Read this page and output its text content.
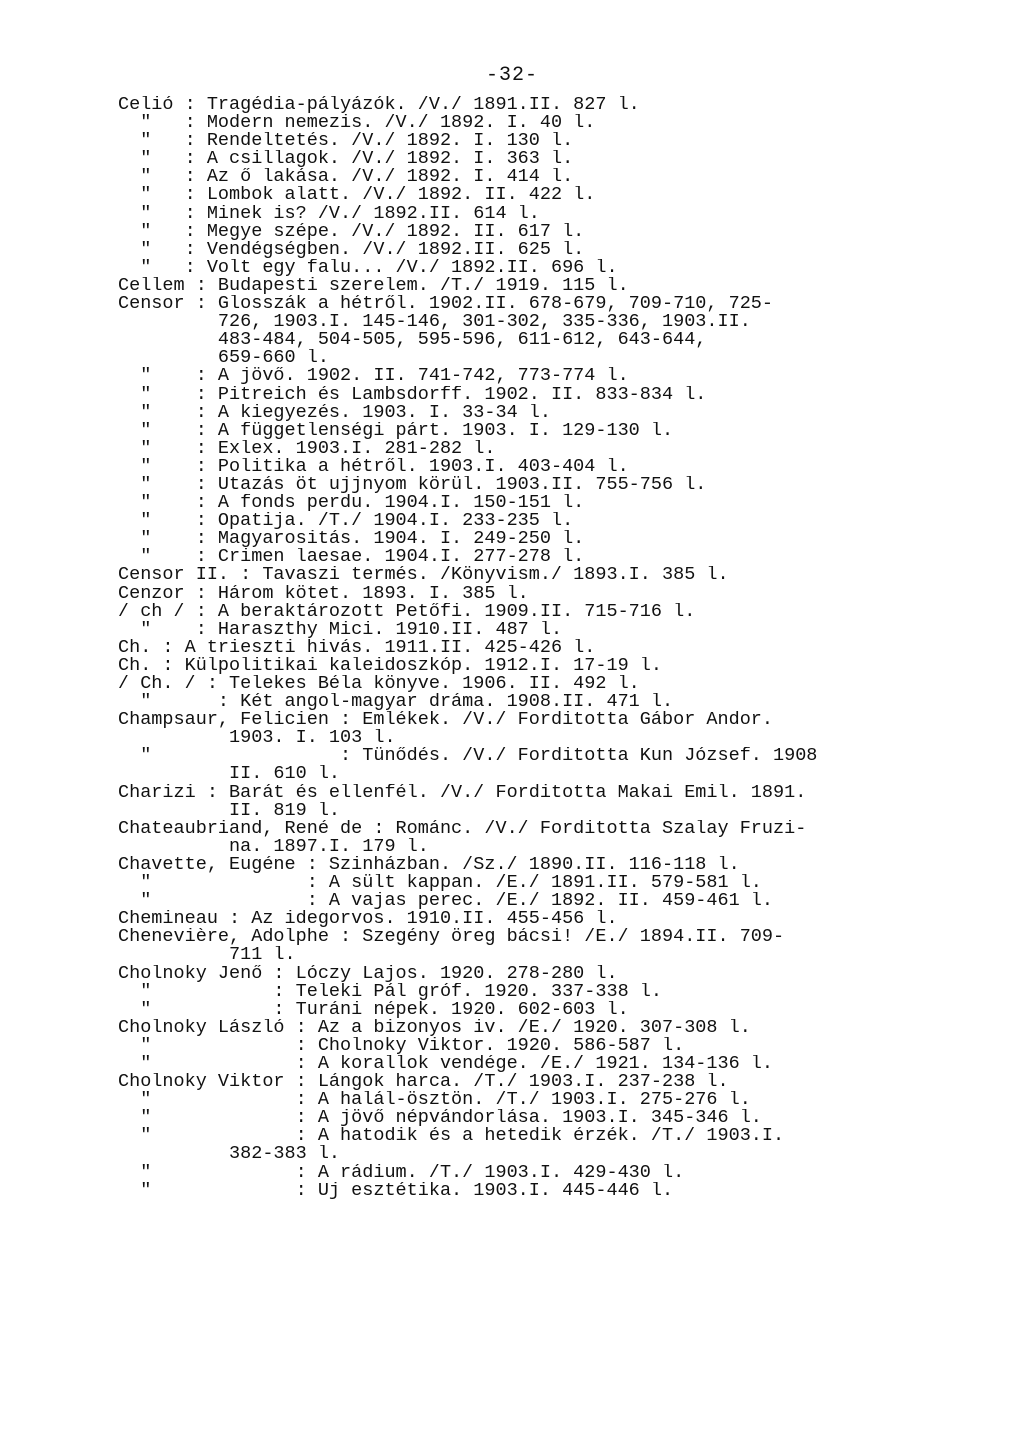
-32-
Celió : Tragédia-pályázók. /V./ 1891.II. 827 l.
"   : Modern nemezis. /V./ 1892. I. 40 l.
"   : Rendeltetés. /V./ 1892. I. 130 l.
"   : A csillagok. /V./ 1892. I. 363 l.
"   : Az ő lakása. /V./ 1892. I. 414 l.
"   : Lombok alatt. /V./ 1892. II. 422 l.
"   : Minek is? /V./ 1892.II. 614 l.
"   : Megye szépe. /V./ 1892. II. 617 l.
"   : Vendégségben. /V./ 1892.II. 625 l.
"   : Volt egy falu... /V./ 1892.II. 696 l.
Cellem : Budapesti szerelem. /T./ 1919. 115 l.
Censor : Glosszák a hétről. 1902.II. 678-679, 709-710, 725-
726, 1903.I. 145-146, 301-302, 335-336, 1903.II.
483-484, 504-505, 595-596, 611-612, 643-644,
659-660 l.
"    : A jövő. 1902. II. 741-742, 773-774 l.
"    : Pitreich és Lambsdorff. 1902. II. 833-834 l.
"    : A kiegyezés. 1903. I. 33-34 l.
"    : A függetlenségi párt. 1903. I. 129-130 l.
"    : Exlex. 1903.I. 281-282 l.
"    : Politika a hétről. 1903.I. 403-404 l.
"    : Utazás öt ujjnyom körül. 1903.II. 755-756 l.
"    : A fonds perdu. 1904.I. 150-151 l.
"    : Opatija. /T./ 1904.I. 233-235 l.
"    : Magyarositás. 1904. I. 249-250 l.
"    : Crimen laesae. 1904.I. 277-278 l.
Censor II. : Tavaszi termés. /Könyvism./ 1893.I. 385 l.
Cenzor : Három kötet. 1893. I. 385 l.
/ ch / : A beraktározott Petőfi. 1909.II. 715-716 l.
"    : Haraszthy Mici. 1910.II. 487 l.
Ch. : A trieszti hivás. 1911.II. 425-426 l.
Ch. : Külpolitikai kaleidoszkóp. 1912.I. 17-19 l.
/ Ch. / : Telekes Béla könyve. 1906. II. 492 l.
"      : Két angol-magyar dráma. 1908.II. 471 l.
Champsaur, Felicien : Emlékek. /V./ Forditotta Gábor Andor.
1903. I. 103 l.
"                 : Tünődés. /V./ Forditotta Kun József. 1908
II. 610 l.
Charizi : Barát és ellenfél. /V./ Forditotta Makai Emil. 1891.
II. 819 l.
Chateaubriand, René de : Románc. /V./ Forditotta Szalay Fruzi-
na. 1897.I. 179 l.
Chavette, Eugéne : Szinházban. /Sz./ 1890.II. 116-118 l.
"              : A sült kappan. /E./ 1891.II. 579-581 l.
"              : A vajas perec. /E./ 1892. II. 459-461 l.
Chemineau : Az idegorvos. 1910.II. 455-456 l.
Chenevière, Adolphe : Szegény öreg bácsi! /E./ 1894.II. 709-
711 l.
Cholnoky Jenő : Lóczy Lajos. 1920. 278-280 l.
"           : Teleki Pál gróf. 1920. 337-338 l.
"           : Turáni népek. 1920. 602-603 l.
Cholnoky László : Az a bizonyos iv. /E./ 1920. 307-308 l.
"             : Cholnoky Viktor. 1920. 586-587 l.
"             : A korallok vendége. /E./ 1921. 134-136 l.
Cholnoky Viktor : Lángok harca. /T./ 1903.I. 237-238 l.
"             : A halál-ösztön. /T./ 1903.I. 275-276 l.
"             : A jövő népvándorlása. 1903.I. 345-346 l.
"             : A hatodik és a hetedik érzék. /T./ 1903.I.
382-383 l.
"             : A rádium. /T./ 1903.I. 429-430 l.
"             : Uj esztétika. 1903.I. 445-446 l.
